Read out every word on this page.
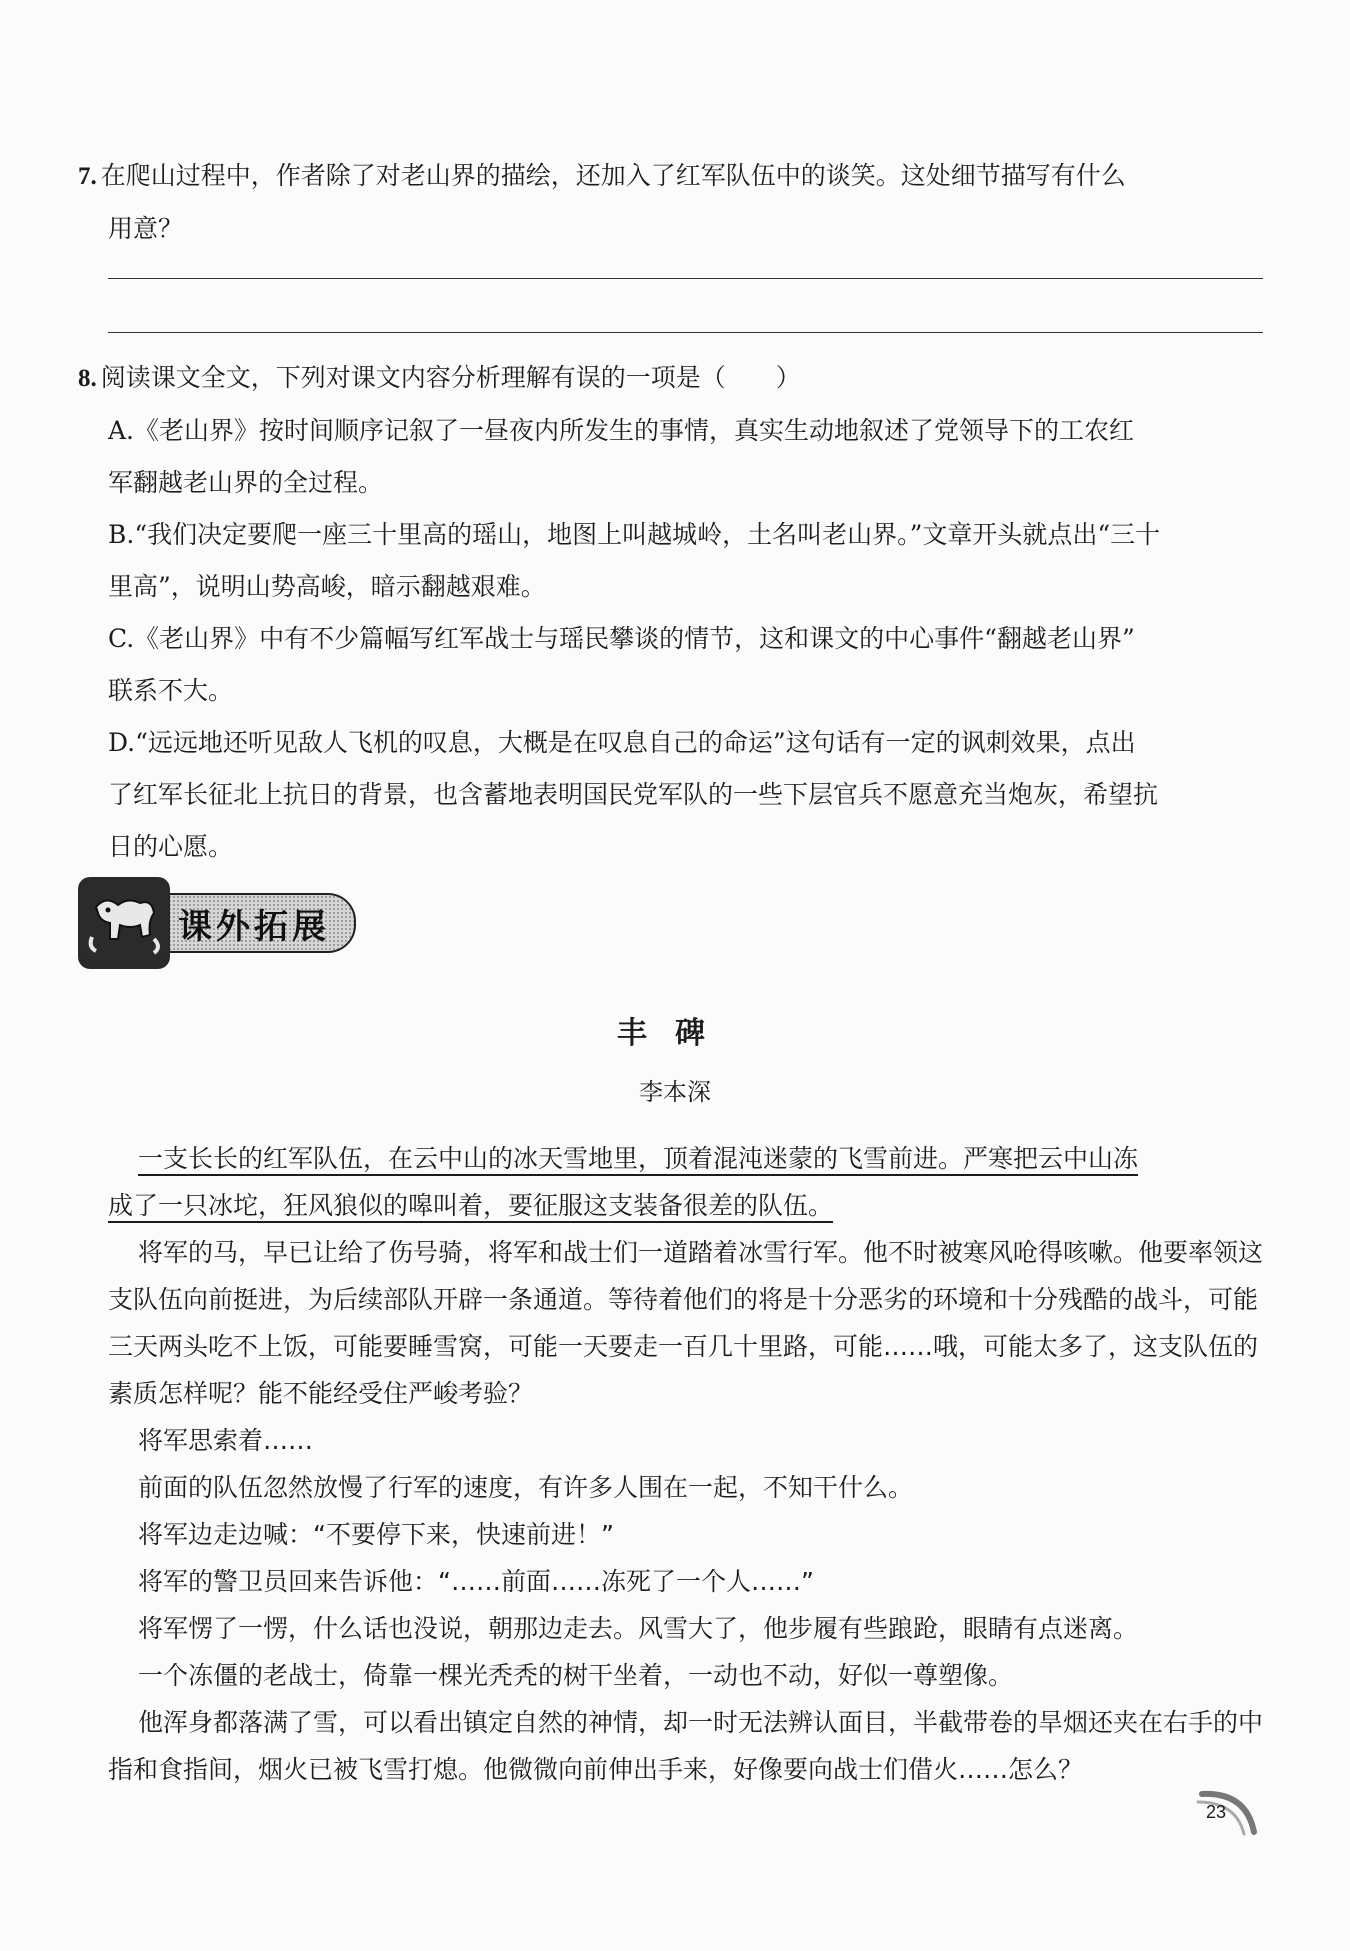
7. 在爬山过程中，作者除了对老山界的描绘，还加入了红军队伍中的谈笑。这处细节描写有什么
用意？
8. 阅读课文全文，下列对课文内容分析理解有误的一项是（　　）
A.《老山界》按时间顺序记叙了一昼夜内所发生的事情，真实生动地叙述了党领导下的工农红
军翻越老山界的全过程。
B.“我们决定要爬一座三十里高的瑶山，地图上叫越城岭，土名叫老山界。”文章开头就点出“三十
里高”，说明山势高峻，暗示翻越艰难。
C.《老山界》中有不少篇幅写红军战士与瑶民攀谈的情节，这和课文的中心事件“翻越老山界”
联系不大。
D.“远远地还听见敌人飞机的叹息，大概是在叹息自己的命运”这句话有一定的讽刺效果，点出
了红军长征北上抗日的背景，也含蓄地表明国民党军队的一些下层官兵不愿意充当炮灰，希望抗
日的心愿。
课外拓展
丰碑
李本深

一支长长的红军队伍，在云中山的冰天雪地里，顶着混沌迷蒙的飞雪前进。严寒把云中山冻

成了一只冰坨，狂风狼似的嗥叫着，要征服这支装备很差的队伍。

将军的马，早已让给了伤号骑，将军和战士们一道踏着冰雪行军。他不时被寒风呛得咳嗽。他要率领这支队伍向前挺进，为后续部队开辟一条通道。等待着他们的将是十分恶劣的环境和十分残酷的战斗，可能三天两头吃不上饭，可能要睡雪窝，可能一天要走一百几十里路，可能……哦，可能太多了，这支队伍的素质怎样呢？能不能经受住严峻考验？

将军思索着……

前面的队伍忽然放慢了行军的速度，有许多人围在一起，不知干什么。

将军边走边喊：“不要停下来，快速前进！”

将军的警卫员回来告诉他：“……前面……冻死了一个人……”

将军愣了一愣，什么话也没说，朝那边走去。风雪大了，他步履有些踉跄，眼睛有点迷离。

一个冻僵的老战士，倚靠一棵光秃秃的树干坐着，一动也不动，好似一尊塑像。

他浑身都落满了雪，可以看出镇定自然的神情，却一时无法辨认面目，半截带卷的旱烟还夹在右手的中指和食指间，烟火已被飞雪打熄。他微微向前伸出手来，好像要向战士们借火……怎么？

23
